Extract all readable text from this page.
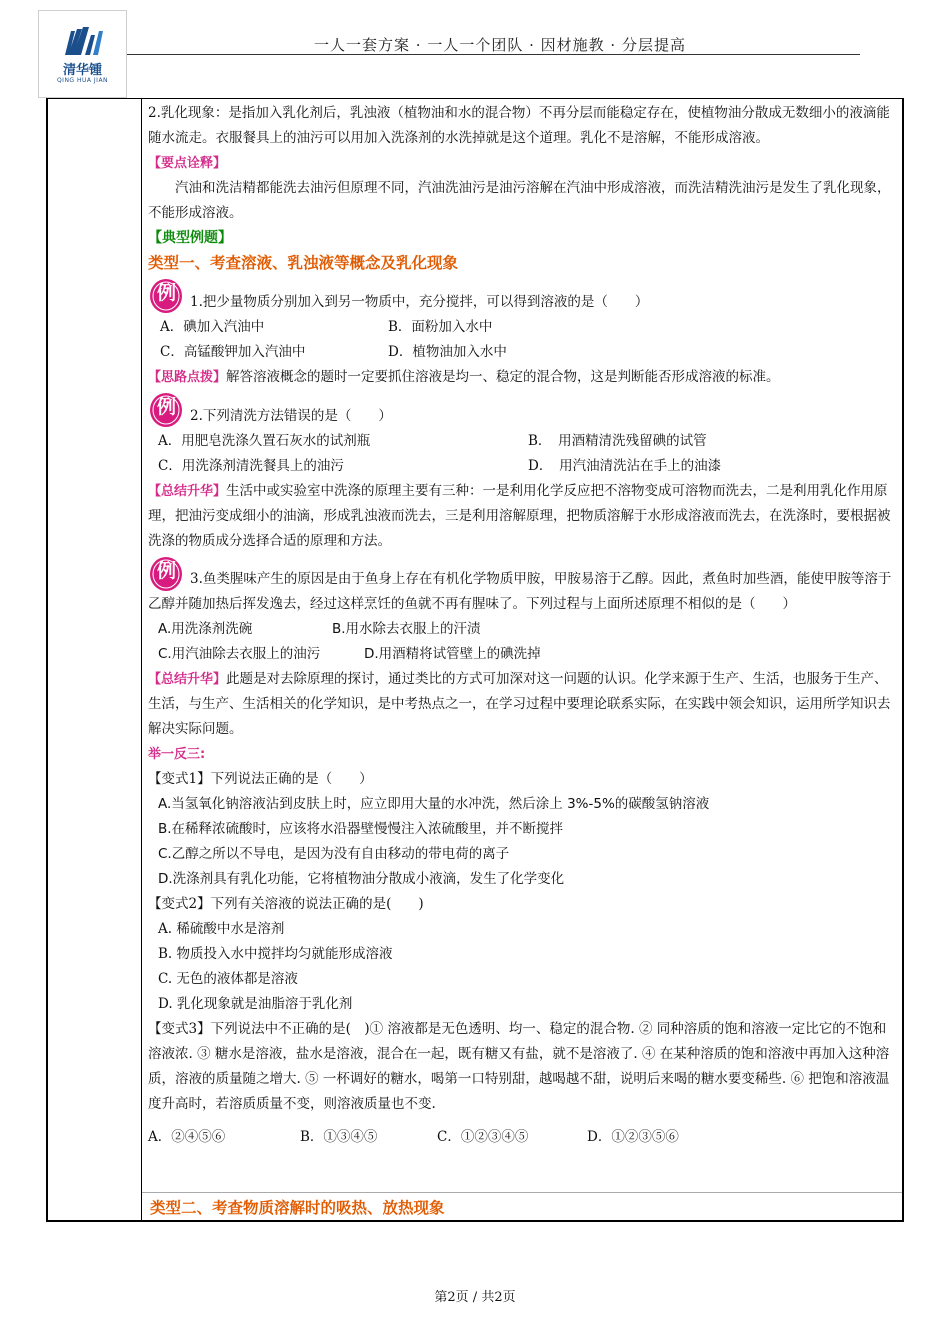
清华锺
QING HUA JIAN
一人一套方案 · 一人一个团队 · 因材施教 · 分层提高

2.乳化现象：是指加入乳化剂后，乳浊液（植物油和水的混合物）不再分层而能稳定存在，使植物油分散成无数细小的液滴能随水流走。衣服餐具上的油污可以用加入洗涤剂的水洗掉就是这个道理。乳化不是溶解，不能形成溶液。

【要点诠释】

汽油和洗洁精都能洗去油污但原理不同，汽油洗油污是油污溶解在汽油中形成溶液，而洗洁精洗油污是发生了乳化现象，不能形成溶液。

【典型例题】

类型一、考查溶液、乳浊液等概念及乳化现象

例 1.把少量物质分别加入到另一物质中，充分搅拌，可以得到溶液的是（　　）
A．碘加入汽油中	B．面粉加入水中
C．高锰酸钾加入汽油中	D．植物油加入水中

【思路点拨】解答溶液概念的题时一定要抓住溶液是均一、稳定的混合物，这是判断能否形成溶液的标准。

例 2.下列清洗方法错误的是（　　）
A．用肥皂洗涤久置石灰水的试剂瓶	B．　用酒精清洗残留碘的试管
C．用洗涤剂清洗餐具上的油污	D．　用汽油清洗沾在手上的油漆

【总结升华】生活中或实验室中洗涤的原理主要有三种：一是利用化学反应把不溶物变成可溶物而洗去，二是利用乳化作用原理，把油污变成细小的油滴，形成乳浊液而洗去，三是利用溶解原理，把物质溶解于水形成溶液而洗去，在洗涤时，要根据被洗涤的物质成分选择合适的原理和方法。

例	3.鱼类腥味产生的原因是由于鱼身上存在有机化学物质甲胺，甲胺易溶于乙醇。因此，煮鱼时加些酒，能使甲胺等溶于乙醇并随加热后挥发逸去，经过这样烹饪的鱼就不再有腥味了。下列过程与上面所述原理不相似的是（　　）

A.用洗涤剂洗碗	B.用水除去衣服上的汗渍
C.用汽油除去衣服上的油污	D.用酒精将试管壁上的碘洗掉

【总结升华】此题是对去除原理的探讨，通过类比的方式可加深对这一问题的认识。化学来源于生产、生活，也服务于生产、生活，与生产、生活相关的化学知识，是中考热点之一，在学习过程中要理论联系实际，在实践中领会知识，运用所学知识去解决实际问题。

举一反三:

【变式1】下列说法正确的是（　　）

A.当氢氧化钠溶液沾到皮肤上时，应立即用大量的水冲洗，然后涂上 3%-5%的碳酸氢钠溶液

B.在稀释浓硫酸时，应该将水沿器壁慢慢注入浓硫酸里，并不断搅拌

C.乙醇之所以不导电，是因为没有自由移动的带电荷的离子

D.洗涤剂具有乳化功能，它将植物油分散成小液滴，发生了化学变化

【变式2】下列有关溶液的说法正确的是(　　)

A. 稀硫酸中水是溶剂

B. 物质投入水中搅拌均匀就能形成溶液

C. 无色的液体都是溶液

D. 乳化现象就是油脂溶于乳化剂

【变式3】下列说法中不正确的是(　)① 溶液都是无色透明、均一、稳定的混合物. ② 同种溶质的饱和溶液一定比它的不饱和溶液浓. ③ 糖水是溶液，盐水是溶液，混合在一起，既有糖又有盐，就不是溶液了. ④ 在某种溶质的饱和溶液中再加入这种溶质，溶液的质量随之增大. ⑤ 一杯调好的糖水，喝第一口特别甜，越喝越不甜，说明后来喝的糖水要变稀些. ⑥ 把饱和溶液温度升高时，若溶质质量不变，则溶液质量也不变.

A．②④⑤⑥	B．①③④⑤	C．①②③④⑤	D．①②③⑤⑥
类型二、考查物质溶解时的吸热、放热现象
第2页 / 共2页
